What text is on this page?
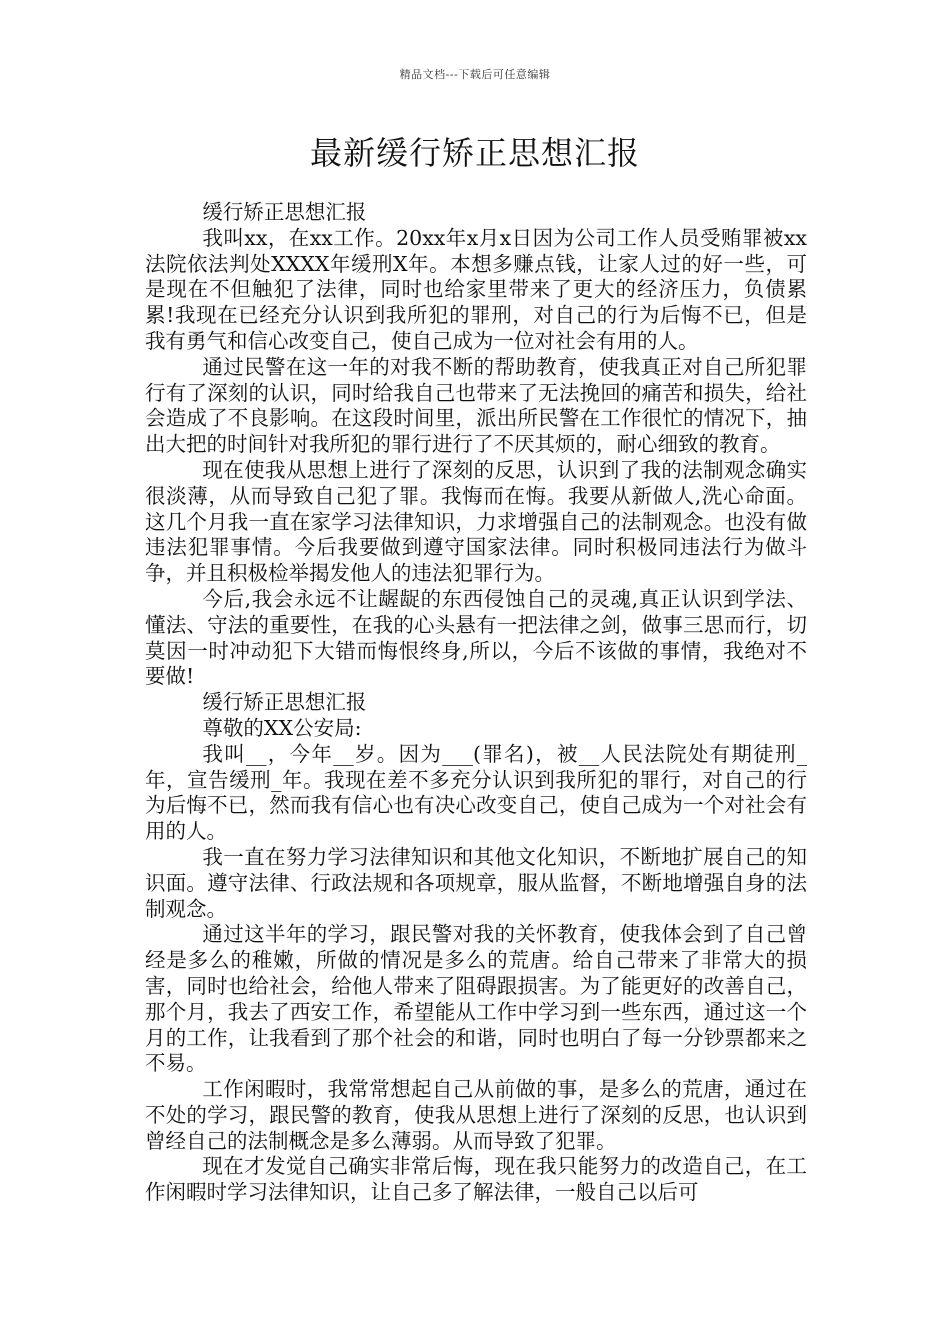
精品文档---下载后可任意编辑
最新缓行矫正思想汇报

缓行矫正思想汇报

我叫xx，在xx工作。20xx年x月x日因为公司工作人员受贿罪被xx法院依法判处XXXX年缓刑X年。本想多赚点钱，让家人过的好一些，可是现在不但触犯了法律，同时也给家里带来了更大的经济压力，负债累累!我现在已经充分认识到我所犯的罪刑，对自己的行为后悔不已，但是我有勇气和信心改变自己，使自己成为一位对社会有用的人。

通过民警在这一年的对我不断的帮助教育，使我真正对自己所犯罪行有了深刻的认识，同时给我自己也带来了无法挽回的痛苦和损失，给社会造成了不良影响。在这段时间里，派出所民警在工作很忙的情况下，抽出大把的时间针对我所犯的罪行进行了不厌其烦的，耐心细致的教育。

现在使我从思想上进行了深刻的反思，认识到了我的法制观念确实很淡薄，从而导致自己犯了罪。我悔而在悔。我要从新做人,洗心命面。这几个月我一直在家学习法律知识，力求增强自己的法制观念。也没有做违法犯罪事情。今后我要做到遵守国家法律。同时积极同违法行为做斗争，并且积极检举揭发他人的违法犯罪行为。

今后,我会永远不让龌龊的东西侵蚀自己的灵魂,真正认识到学法、懂法、守法的重要性，在我的心头悬有一把法律之剑，做事三思而行，切莫因一时冲动犯下大错而悔恨终身,所以，今后不该做的事情，我绝对不要做!

缓行矫正思想汇报

尊敬的XX公安局:

我叫__，今年__岁。因为___(罪名)，被__人民法院处有期徒刑_年，宣告缓刑_年。我现在差不多充分认识到我所犯的罪行，对自己的行为后悔不已，然而我有信心也有决心改变自己，使自己成为一个对社会有用的人。

我一直在努力学习法律知识和其他文化知识，不断地扩展自己的知识面。遵守法律、行政法规和各项规章，服从监督，不断地增强自身的法制观念。

通过这半年的学习，跟民警对我的关怀教育，使我体会到了自己曾经是多么的稚嫩，所做的情况是多么的荒唐。给自己带来了非常大的损害，同时也给社会，给他人带来了阻碍跟损害。为了能更好的改善自己，那个月，我去了西安工作，希望能从工作中学习到一些东西，通过这一个月的工作，让我看到了那个社会的和谐，同时也明白了每一分钞票都来之不易。

工作闲暇时，我常常想起自己从前做的事，是多么的荒唐，通过在不处的学习，跟民警的教育，使我从思想上进行了深刻的反思，也认识到曾经自己的法制概念是多么薄弱。从而导致了犯罪。

现在才发觉自己确实非常后悔，现在我只能努力的改造自己，在工作闲暇时学习法律知识，让自己多了解法律，一般自己以后可
